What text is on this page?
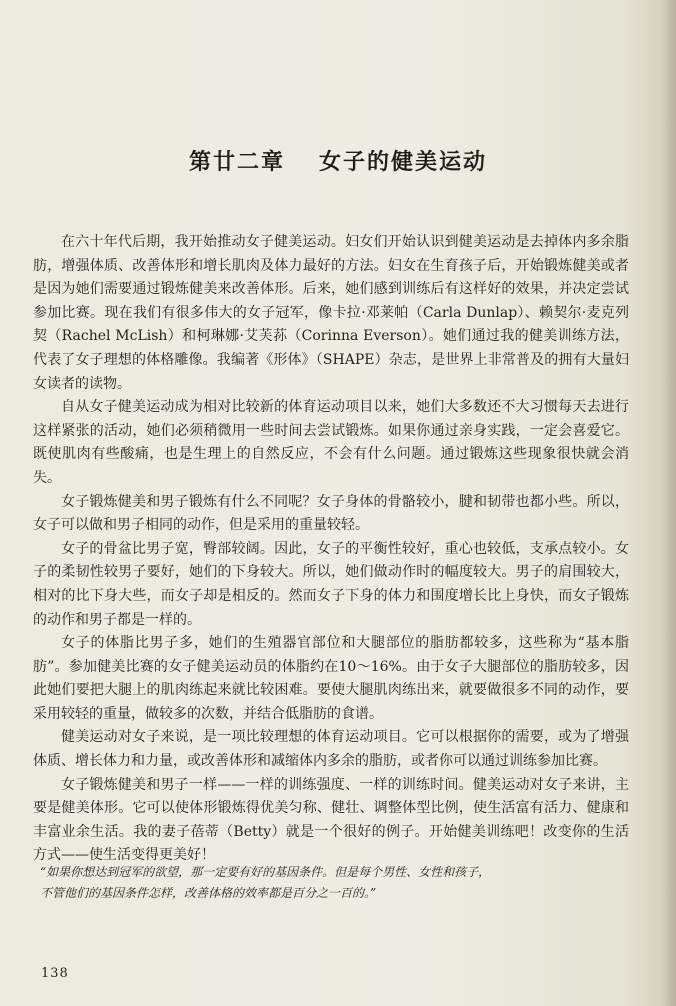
第廿二章 女子的健美运动

在六十年代后期，我开始推动女子健美运动。妇女们开始认识到健美运动是去掉体内多余脂肪，增强体质、改善体形和增长肌肉及体力最好的方法。妇女在生育孩子后，开始锻炼健美或者是因为她们需要通过锻炼健美来改善体形。后来，她们感到训练后有这样好的效果，并决定尝试参加比赛。现在我们有很多伟大的女子冠军，像卡拉·邓莱帕（Carla Dunlap）、赖契尔·麦克列契（Rachel McLish）和柯琳娜·艾芙荪（Corinna Everson）。她们通过我的健美训练方法，代表了女子理想的体格雕像。我编著《形体》（SHAPE）杂志，是世界上非常普及的拥有大量妇女读者的读物。

自从女子健美运动成为相对比较新的体育运动项目以来，她们大多数还不大习惯每天去进行这样紧张的活动，她们必须稍微用一些时间去尝试锻炼。如果你通过亲身实践，一定会喜爱它。既使肌肉有些酸痛，也是生理上的自然反应，不会有什么问题。通过锻炼这些现象很快就会消失。

女子锻炼健美和男子锻炼有什么不同呢？女子身体的骨骼较小，腱和韧带也都小些。所以，女子可以做和男子相同的动作，但是采用的重量较轻。

女子的骨盆比男子宽，臀部较阔。因此，女子的平衡性较好，重心也较低，支承点较小。女子的柔韧性较男子要好，她们的下身较大。所以，她们做动作时的幅度较大。男子的肩围较大，相对的比下身大些，而女子却是相反的。然而女子下身的体力和围度增长比上身快，而女子锻炼的动作和男子都是一样的。

女子的体脂比男子多，她们的生殖器官部位和大腿部位的脂肪都较多，这些称为“基本脂肪”。参加健美比赛的女子健美运动员的体脂约在10～16%。由于女子大腿部位的脂肪较多，因此她们要把大腿上的肌肉练起来就比较困难。要使大腿肌肉练出来，就要做很多不同的动作，要采用较轻的重量，做较多的次数，并结合低脂肪的食谱。

健美运动对女子来说，是一项比较理想的体育运动项目。它可以根据你的需要，或为了增强体质、增长体力和力量，或改善体形和减缩体内多余的脂肪，或者你可以通过训练参加比赛。

女子锻炼健美和男子一样——一样的训练强度、一样的训练时间。健美运动对女子来讲，主要是健美体形。它可以使体形锻炼得优美匀称、健壮、调整体型比例，使生活富有活力、健康和丰富业余生活。我的妻子蓓蒂（Betty）就是一个很好的例子。开始健美训练吧！改变你的生活方式——使生活变得更美好！

“如果你想达到冠军的欲望，那一定要有好的基因条件。但是每个男性、女性和孩子，

不管他们的基因条件怎样，改善体格的效率都是百分之一百的。”

138
